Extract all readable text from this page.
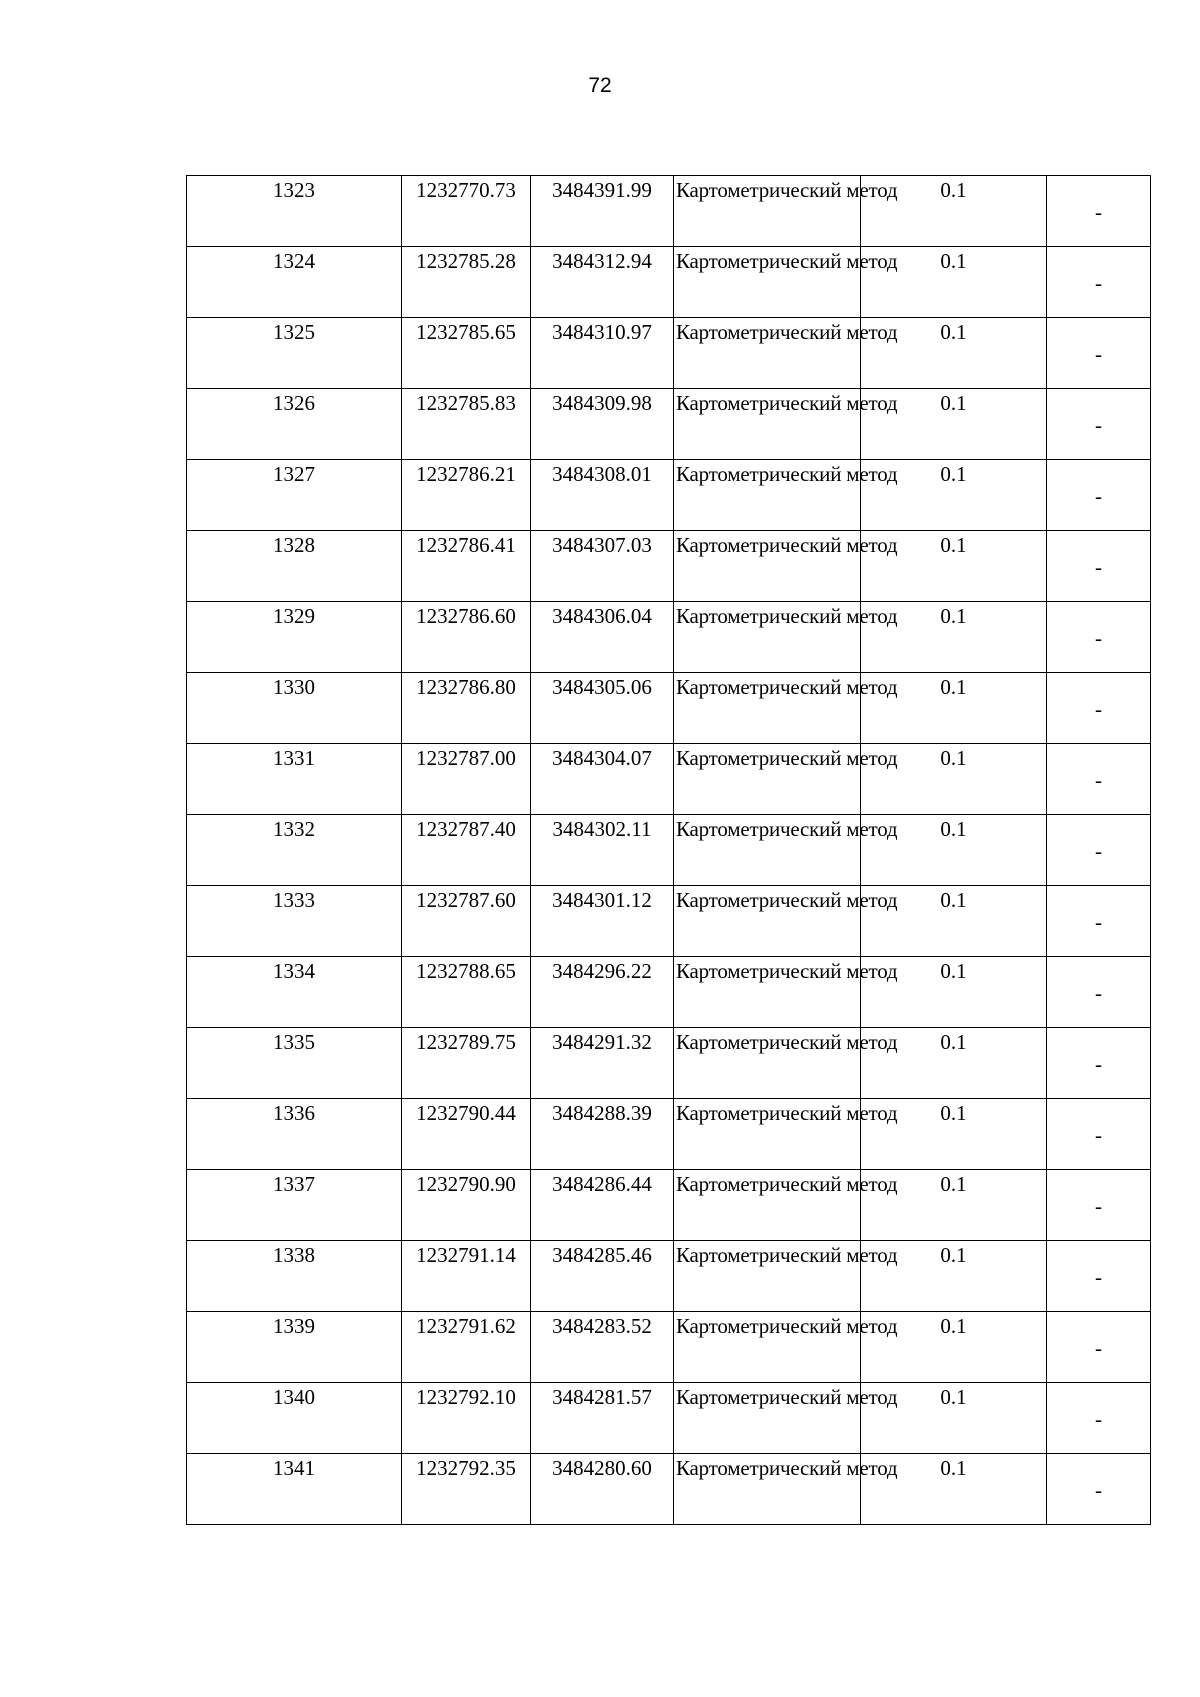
72
1323	1232770.73	3484391.99	Картометрический метод	0.1	-

1324	1232785.28	3484312.94	Картометрический метод	0.1	-

1325	1232785.65	3484310.97	Картометрический метод	0.1	-

1326	1232785.83	3484309.98	Картометрический метод	0.1	-

1327	1232786.21	3484308.01	Картометрический метод	0.1	-

1328	1232786.41	3484307.03	Картометрический метод	0.1	-

1329	1232786.60	3484306.04	Картометрический метод	0.1	-

1330	1232786.80	3484305.06	Картометрический метод	0.1	-

1331	1232787.00	3484304.07	Картометрический метод	0.1	-

1332	1232787.40	3484302.11	Картометрический метод	0.1	-

1333	1232787.60	3484301.12	Картометрический метод	0.1	-

1334	1232788.65	3484296.22	Картометрический метод	0.1	-

1335	1232789.75	3484291.32	Картометрический метод	0.1	-

1336	1232790.44	3484288.39	Картометрический метод	0.1	-

1337	1232790.90	3484286.44	Картометрический метод	0.1	-

1338	1232791.14	3484285.46	Картометрический метод	0.1	-

1339	1232791.62	3484283.52	Картометрический метод	0.1	-

1340	1232792.10	3484281.57	Картометрический метод	0.1	-

1341	1232792.35	3484280.60	Картометрический метод	0.1	-
